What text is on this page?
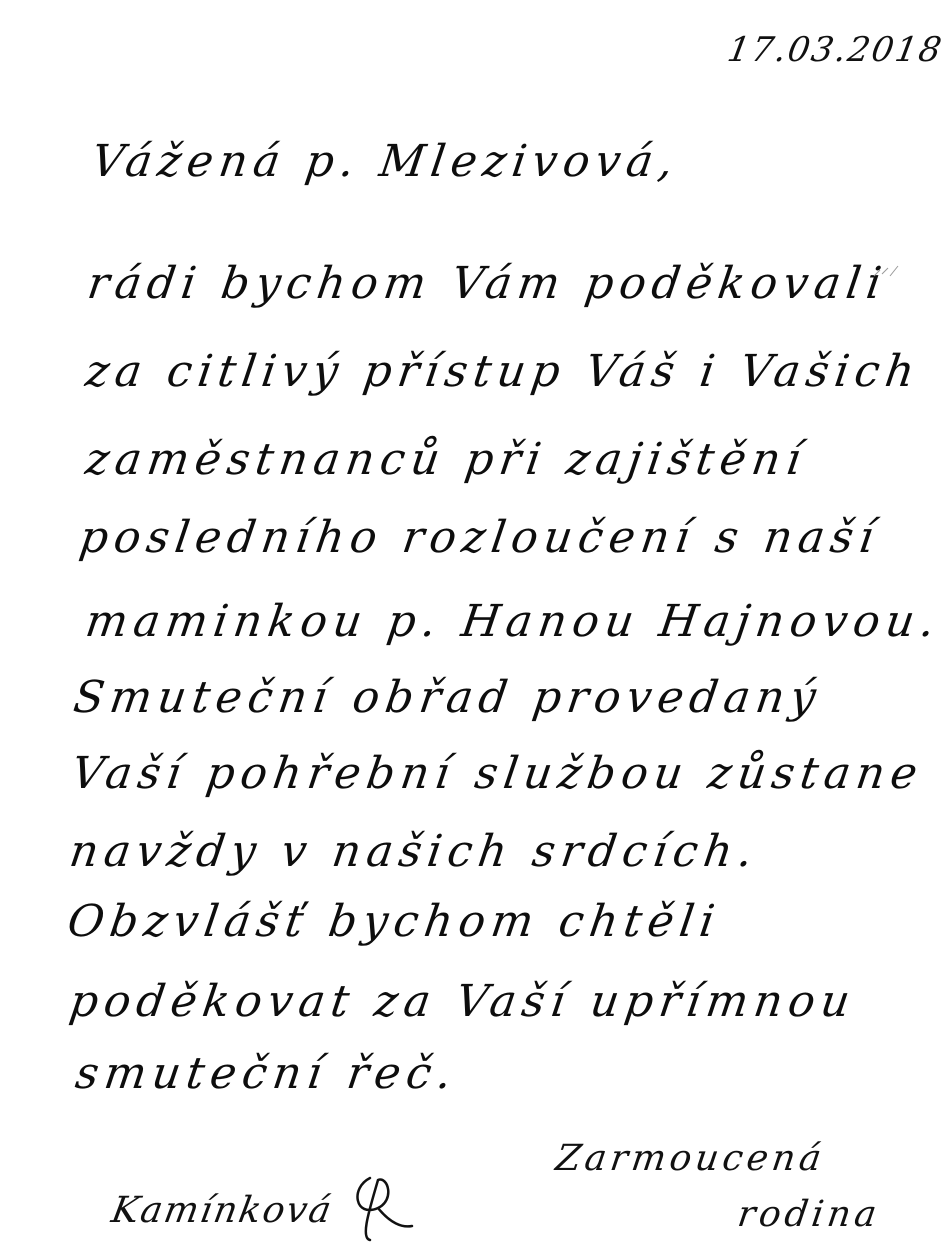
17.03.2018
Vážená p. Mlezivová,
rádi bychom Vám poděkovali
za citlivý přístup Váš i Vašich
zaměstnanců při zajištění
posledního rozloučení s naší
maminkou p. Hanou Hajnovou.
Smuteční obřad provedaný
Vaší pohřební službou zůstane
navždy v našich srdcích.
Obzvlášť bychom chtěli
poděkovat za Vaší upřímnou
smuteční řeč.
Zarmoucená
rodina
Kamínková
